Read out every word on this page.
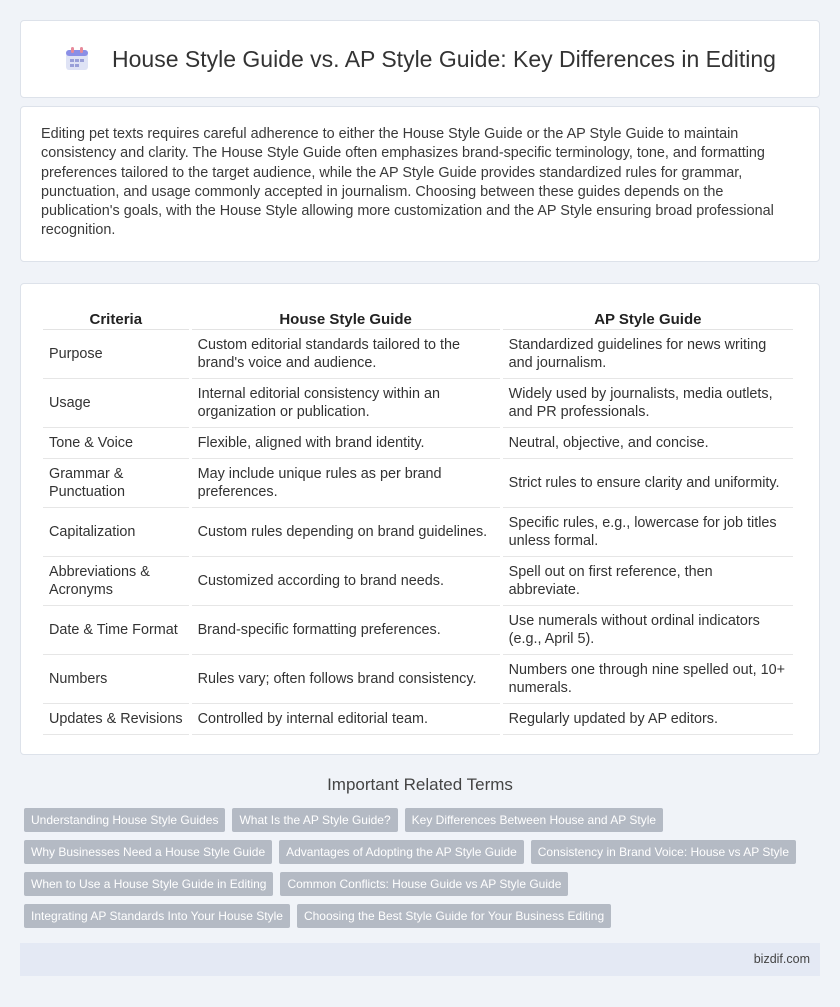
House Style Guide vs. AP Style Guide: Key Differences in Editing

Editing pet texts requires careful adherence to either the House Style Guide or the AP Style Guide to maintain consistency and clarity. The House Style Guide often emphasizes brand-specific terminology, tone, and formatting preferences tailored to the target audience, while the AP Style Guide provides standardized rules for grammar, punctuation, and usage commonly accepted in journalism. Choosing between these guides depends on the publication's goals, with the House Style allowing more customization and the AP Style ensuring broad professional recognition.

Criteria	House Style Guide	AP Style Guide
Purpose	Custom editorial standards tailored to the brand's voice and audience.	Standardized guidelines for news writing and journalism.
Usage	Internal editorial consistency within an organization or publication.	Widely used by journalists, media outlets, and PR professionals.
Tone & Voice	Flexible, aligned with brand identity.	Neutral, objective, and concise.
Grammar & Punctuation	May include unique rules as per brand preferences.	Strict rules to ensure clarity and uniformity.
Capitalization	Custom rules depending on brand guidelines.	Specific rules, e.g., lowercase for job titles unless formal.
Abbreviations & Acronyms	Customized according to brand needs.	Spell out on first reference, then abbreviate.
Date & Time Format	Brand-specific formatting preferences.	Use numerals without ordinal indicators (e.g., April 5).
Numbers	Rules vary; often follows brand consistency.	Numbers one through nine spelled out, 10+ numerals.
Updates & Revisions	Controlled by internal editorial team.	Regularly updated by AP editors.
Important Related Terms
Understanding House Style Guides	What Is the AP Style Guide?	Key Differences Between House and AP Style
Why Businesses Need a House Style Guide	Advantages of Adopting the AP Style Guide	Consistency in Brand Voice: House vs AP Style
When to Use a House Style Guide in Editing	Common Conflicts: House Guide vs AP Style Guide
Integrating AP Standards Into Your House Style	Choosing the Best Style Guide for Your Business Editing
bizdif.com
